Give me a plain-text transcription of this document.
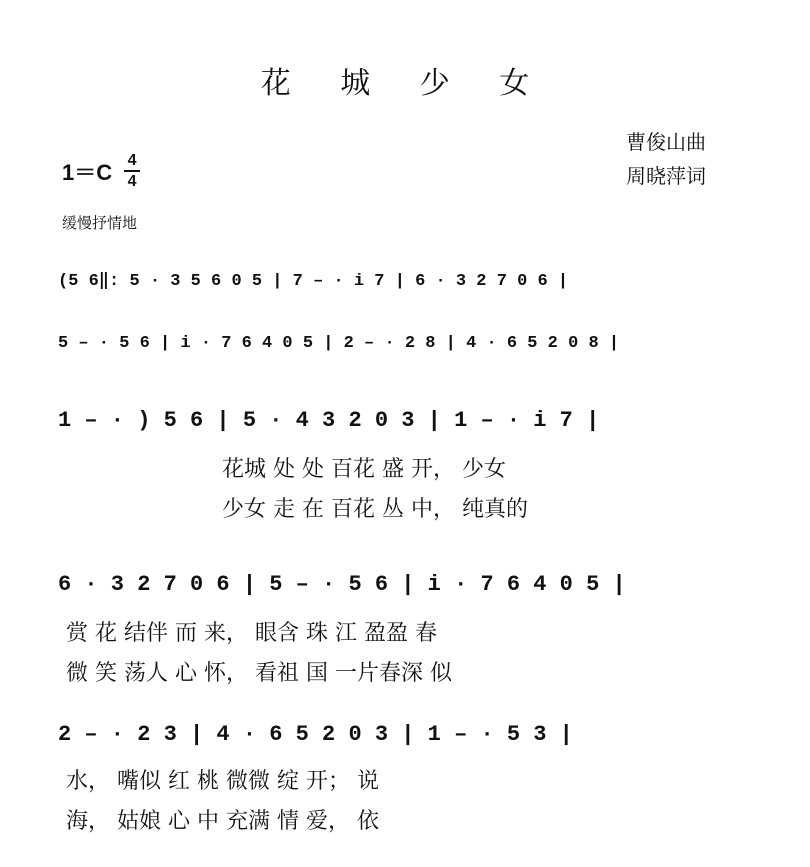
花 城 少 女
曹俊山曲
周晓萍词
1＝C 4
4
缓慢抒情地
(5 6‖: 5 · 3 5 6 0 5 | 7 – · i 7 | 6 · 3 2 7 0 6 |
5 – · 5 6 | i · 7 6 4 0 5 | 2 – · 2 8 | 4 · 6 5 2 0 8 |
1 – · ) 5 6 | 5 · 4 3 2 0 3 | 1 – · i 7 |
花城 处 处 百花 盛 开， 少女
少女 走 在 百花 丛 中， 纯真的
6 · 3 2 7 0 6 | 5 – · 5 6 | i · 7 6 4 0 5 |
赏 花 结伴 而 来， 眼含 珠 江 盈盈 春
微 笑 荡人 心 怀， 看祖 国 一片春深 似
2 – · 2 3 | 4 · 6 5 2 0 3 | 1 – · 5 3 |
水， 嘴似 红 桃 微微 绽 开； 说
海， 姑娘 心 中 充满 情 爱， 依
